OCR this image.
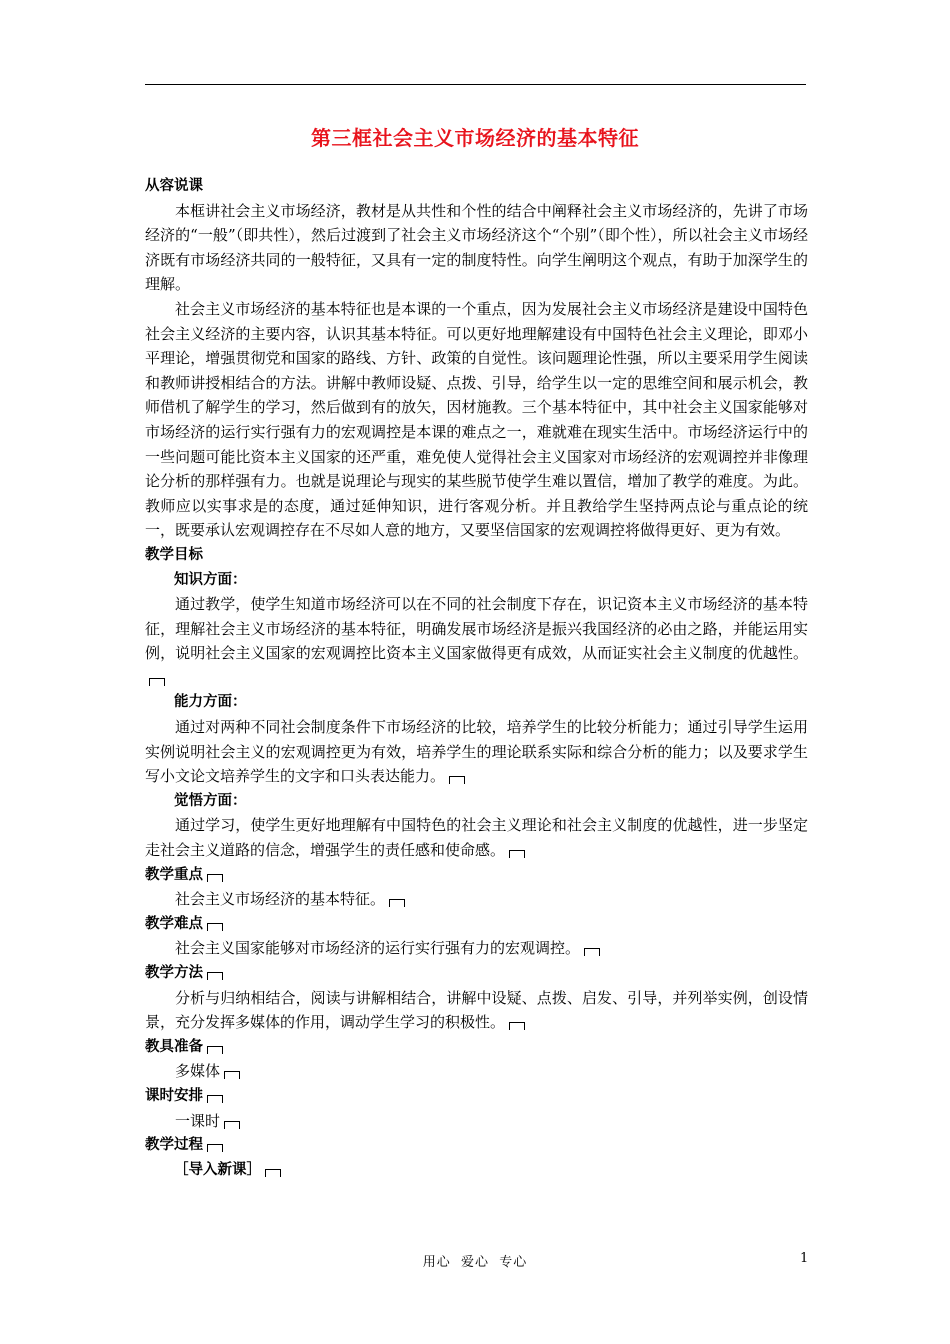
第三框社会主义市场经济的基本特征

从容说课

本框讲社会主义市场经济，教材是从共性和个性的结合中阐释社会主义市场经济的，先讲了市场经济的“一般”（即共性），然后过渡到了社会主义市场经济这个“个别”（即个性），所以社会主义市场经济既有市场经济共同的一般特征，又具有一定的制度特性。向学生阐明这个观点，有助于加深学生的理解。

社会主义市场经济的基本特征也是本课的一个重点，因为发展社会主义市场经济是建设中国特色社会主义经济的主要内容，认识其基本特征。可以更好地理解建设有中国特色社会主义理论，即邓小平理论，增强贯彻党和国家的路线、方针、政策的自觉性。该问题理论性强，所以主要采用学生阅读和教师讲授相结合的方法。讲解中教师设疑、点拨、引导，给学生以一定的思维空间和展示机会，教师借机了解学生的学习，然后做到有的放矢，因材施教。三个基本特征中，其中社会主义国家能够对市场经济的运行实行强有力的宏观调控是本课的难点之一，难就难在现实生活中。市场经济运行中的一些问题可能比资本主义国家的还严重，难免使人觉得社会主义国家对市场经济的宏观调控并非像理论分析的那样强有力。也就是说理论与现实的某些脱节使学生难以置信，增加了教学的难度。为此。教师应以实事求是的态度，通过延伸知识，进行客观分析。并且教给学生坚持两点论与重点论的统一，既要承认宏观调控存在不尽如人意的地方，又要坚信国家的宏观调控将做得更好、更为有效。

教学目标

知识方面：

通过教学，使学生知道市场经济可以在不同的社会制度下存在，识记资本主义市场经济的基本特征，理解社会主义市场经济的基本特征，明确发展市场经济是振兴我国经济的必由之路，并能运用实例，说明社会主义国家的宏观调控比资本主义国家做得更有成效，从而证实社会主义制度的优越性。

能力方面：

通过对两种不同社会制度条件下市场经济的比较，培养学生的比较分析能力；通过引导学生运用实例说明社会主义的宏观调控更为有效，培养学生的理论联系实际和综合分析的能力；以及要求学生写小文论文培养学生的文字和口头表达能力。

觉悟方面：

通过学习，使学生更好地理解有中国特色的社会主义理论和社会主义制度的优越性，进一步坚定走社会主义道路的信念，增强学生的责任感和使命感。

教学重点

社会主义市场经济的基本特征。

教学难点

社会主义国家能够对市场经济的运行实行强有力的宏观调控。

教学方法

分析与归纳相结合，阅读与讲解相结合，讲解中设疑、点拨、启发、引导，并列举实例，创设情景，充分发挥多媒体的作用，调动学生学习的积极性。

教具准备

多媒体

课时安排

一课时

教学过程

［导入新课］

用心  爱心  专心	1
